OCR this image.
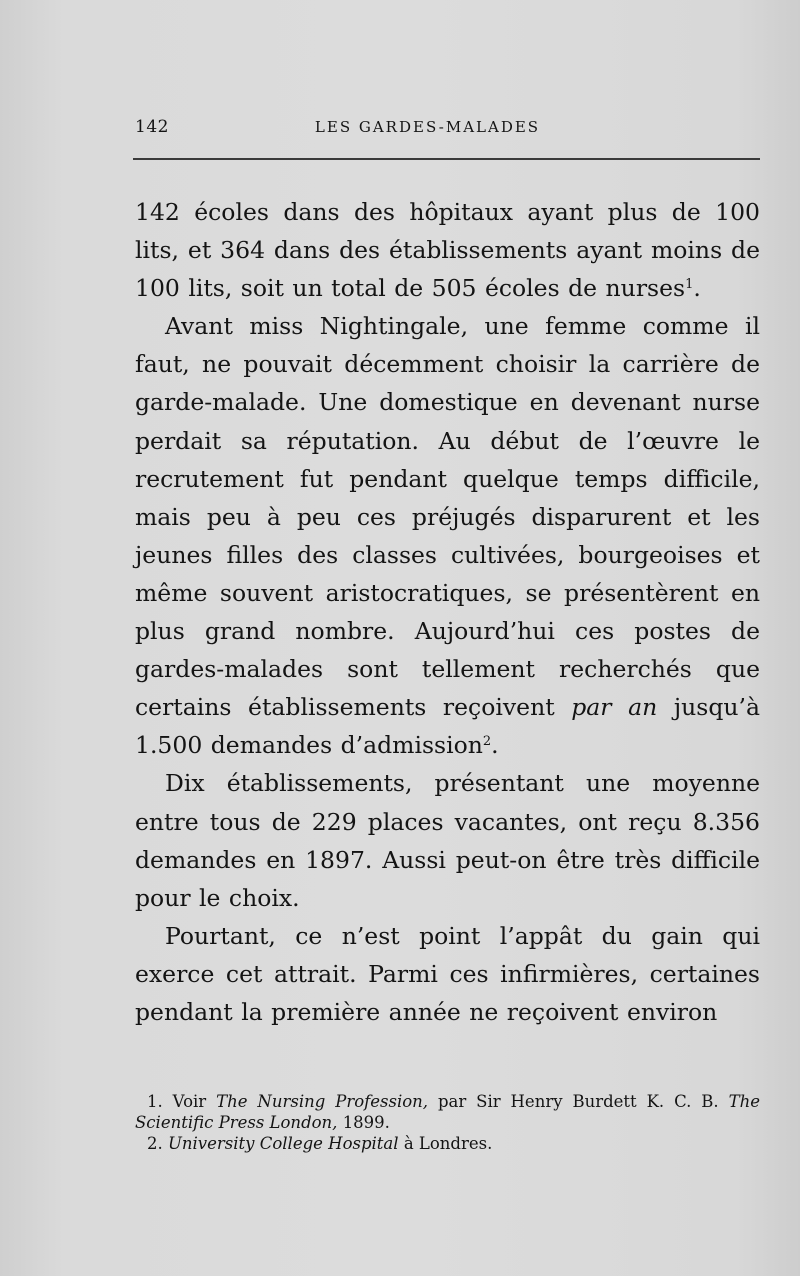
142	LES GARDES-MALADES

142 écoles dans des hôpitaux ayant plus de 100 lits, et 364 dans des établissements ayant moins de 100 lits, soit un total de 505 écoles de nurses$^1$.

Avant miss Nightingale, une femme comme il faut, ne pouvait décemment choisir la carrière de garde-malade. Une domestique en devenant nurse perdait sa réputation. Au début de l’œuvre le recrutement fut pendant quelque temps difficile, mais peu à peu ces préjugés disparurent et les jeunes filles des classes cultivées, bourgeoises et même souvent aristocratiques, se présentèrent en plus grand nombre. Aujourd’hui ces postes de gardes-malades sont tellement recherchés que certains établissements reçoivent par an jusqu’à 1.500 demandes d’admission$^2$.

Dix établissements, présentant une moyenne entre tous de 229 places vacantes, ont reçu 8.356 demandes en 1897. Aussi peut-on être très difficile pour le choix.

Pourtant, ce n’est point l’appât du gain qui exerce cet attrait. Parmi ces infirmières, certaines pendant la première année ne reçoivent environ

1. Voir The Nursing Profession, par Sir Henry Burdett K. C. B. The Scientific Press London, 1899.

2. University College Hospital à Londres.
